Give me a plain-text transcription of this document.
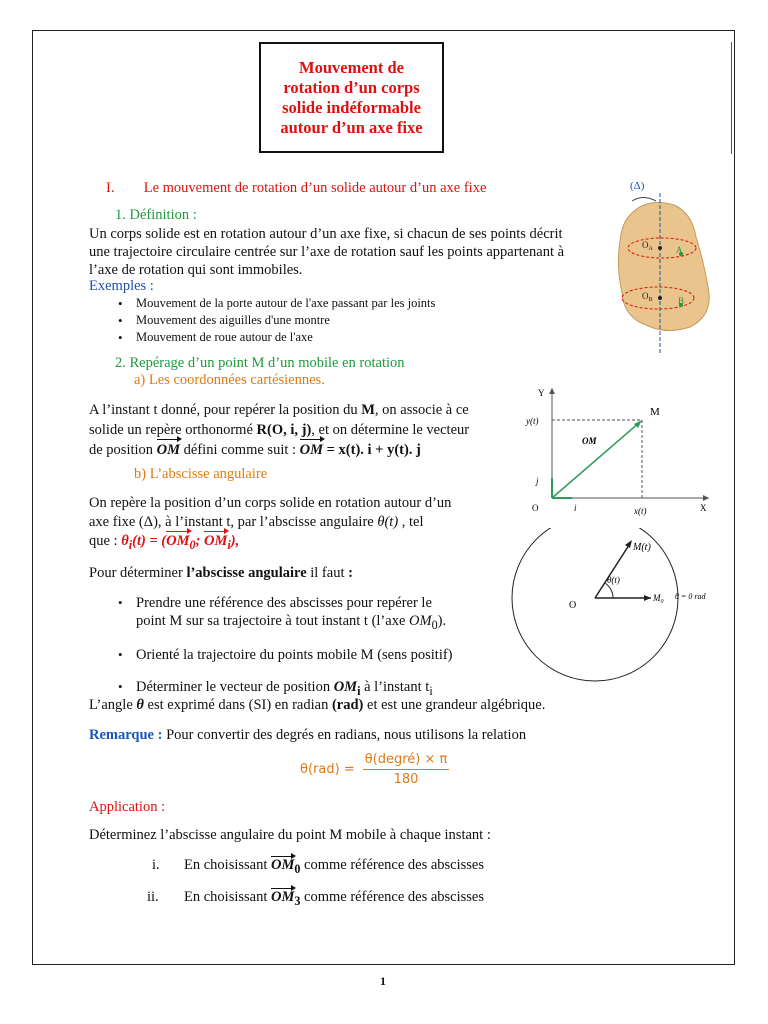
Mouvement de
rotation d’un corps
solide indéformable
autour d’un axe fixe
I. Le mouvement de rotation d’un solide autour d’un axe fixe
1. Définition :
Un corps solide est en rotation autour d’un axe fixe, si chacun de ses points décrit
une trajectoire circulaire centrée sur l’axe de rotation sauf les points appartenant à
l’axe de rotation qui sont immobiles.
Exemples :
• Mouvement de la porte autour de l'axe passant par les joints
• Mouvement des aiguilles d'une montre
• Mouvement de roue autour de l'axe
(Δ)
$O_A$	A
$O_B$	B
2. Repérage d’un point M d’un mobile en rotation
a) Les coordonnées cartésiennes.
A l’instant t donné, pour repérer la position du M, on associe à ce
solide un repère orthonormé R(O, i, j), et on détermine le vecteur
de position OM défini comme suit : OM = x(t). i + y(t). j
Y
X
O
M
y(t)
x(t)
OM
i
j
b) L’abscisse angulaire
On repère la position d’un corps solide en rotation autour d’un
axe fixe (Δ), à l’instant t, par l’abscisse angulaire θ(t) , tel
que : $\theta_i(t) = (OM_0$; $OM_i$),
Pour déterminer l’abscisse angulaire il faut :
O
M(t)
θ(t)
$M_0$
θ = 0 rad
• Prendre une référence des abscisses pour repérer le
point M sur sa trajectoire à tout instant t (l’axe $OM_0$).
• Orienté la trajectoire du points mobile M (sens positif)
• Déterminer le vecteur de position $OM_i$ à l’instant $t_i$
L’angle θ est exprimé dans (SI) en radian (rad) et est une grandeur algébrique.
Remarque : Pour convertir des degrés en radians, nous utilisons la relation
$\theta(rad) = \frac{\text{θ(degré) × π}}{180}$
Application :
Déterminez l’abscisse angulaire du point M mobile à chaque instant :
i. En choisissant $OM_0$ comme référence des abscisses
ii. En choisissant $OM_3$ comme référence des abscisses
1
